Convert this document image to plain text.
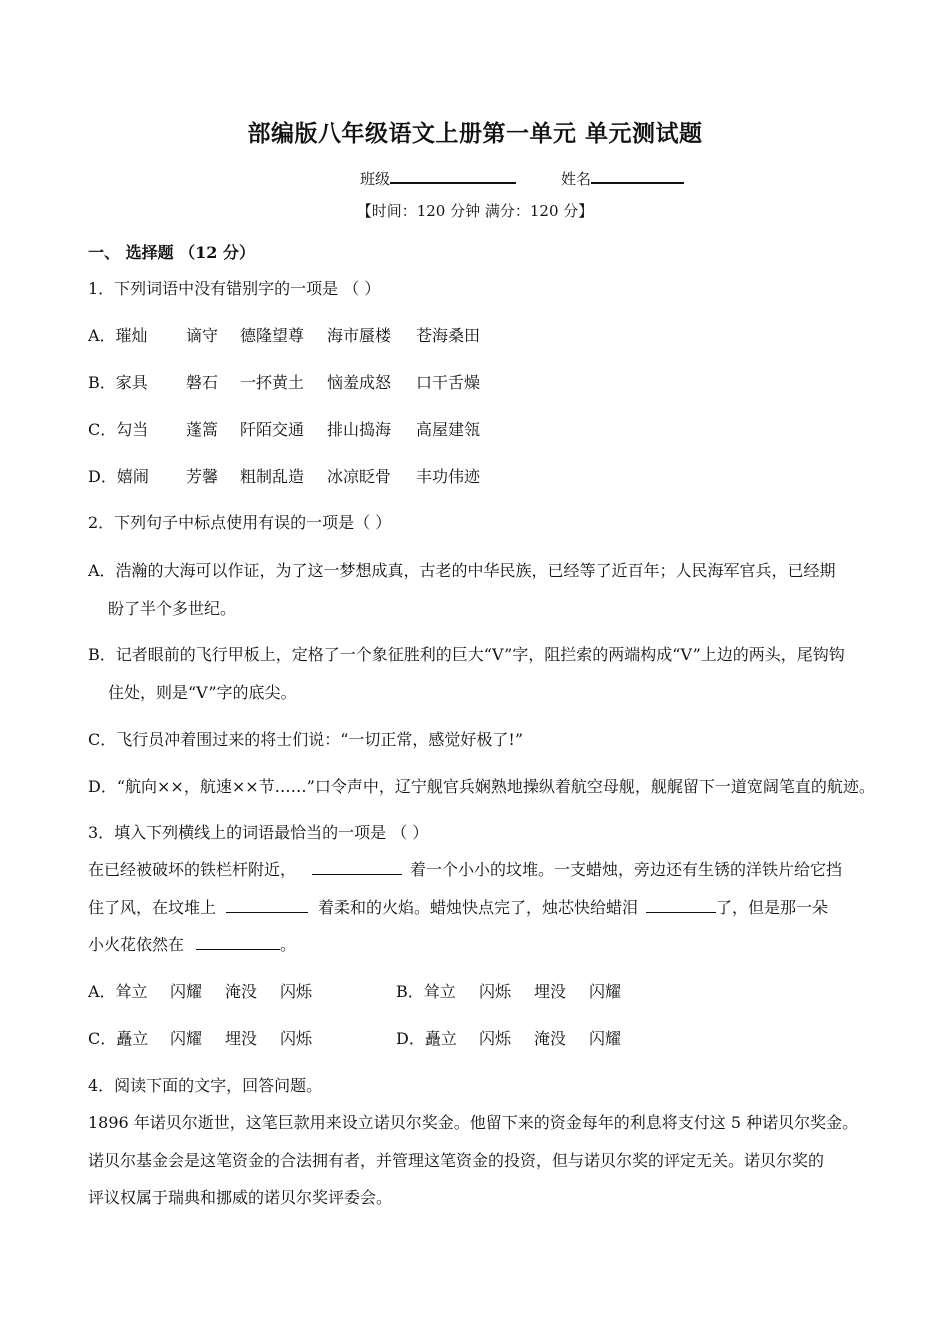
部编版八年级语文上册第一单元 单元测试题
班级	姓名
【时间：120 分钟 满分：120 分】
一、 选择题 （12 分）
1．下列词语中没有错别字的一项是 （ ）
A．璀灿 谪守 德隆望尊 海市蜃楼 苍海桑田
B．家具 磐石 一抔黄土 恼羞成怒 口干舌燥
C．勾当 蓬篙 阡陌交通 排山捣海 高屋建瓴
D．嬉闹 芳馨 粗制乱造 冰凉眨骨 丰功伟迹
2．下列句子中标点使用有误的一项是（ ）
A．浩瀚的大海可以作证，为了这一梦想成真，古老的中华民族，已经等了近百年；人民海军官兵，已经期
盼了半个多世纪。
B．记者眼前的飞行甲板上，定格了一个象征胜利的巨大“V”字，阻拦索的两端构成“V”上边的两头，尾钩钩
住处，则是“V”字的底尖。
C．飞行员冲着围过来的将士们说：“一切正常，感觉好极了!”
D．“航向××，航速××节……”口令声中，辽宁舰官兵娴熟地操纵着航空母舰，舰艉留下一道宽阔笔直的航迹。
3．填入下列横线上的词语最恰当的一项是 （ ）
在已经被破坏的铁栏杆附近，	着一个小小的坟堆。一支蜡烛，旁边还有生锈的洋铁片给它挡
住了风，在坟堆上	着柔和的火焰。蜡烛快点完了，烛芯快给蜡泪	了，但是那一朵
小火花依然在	。
A．耸立 闪耀 淹没 闪烁	B．耸立 闪烁 埋没 闪耀
C．矗立 闪耀 埋没 闪烁	D．矗立 闪烁 淹没 闪耀
4．阅读下面的文字，回答问题。
1896 年诺贝尔逝世，这笔巨款用来设立诺贝尔奖金。他留下来的资金每年的利息将支付这 5 种诺贝尔奖金。
诺贝尔基金会是这笔资金的合法拥有者，并管理这笔资金的投资，但与诺贝尔奖的评定无关。诺贝尔奖的
评议权属于瑞典和挪威的诺贝尔奖评委会。
